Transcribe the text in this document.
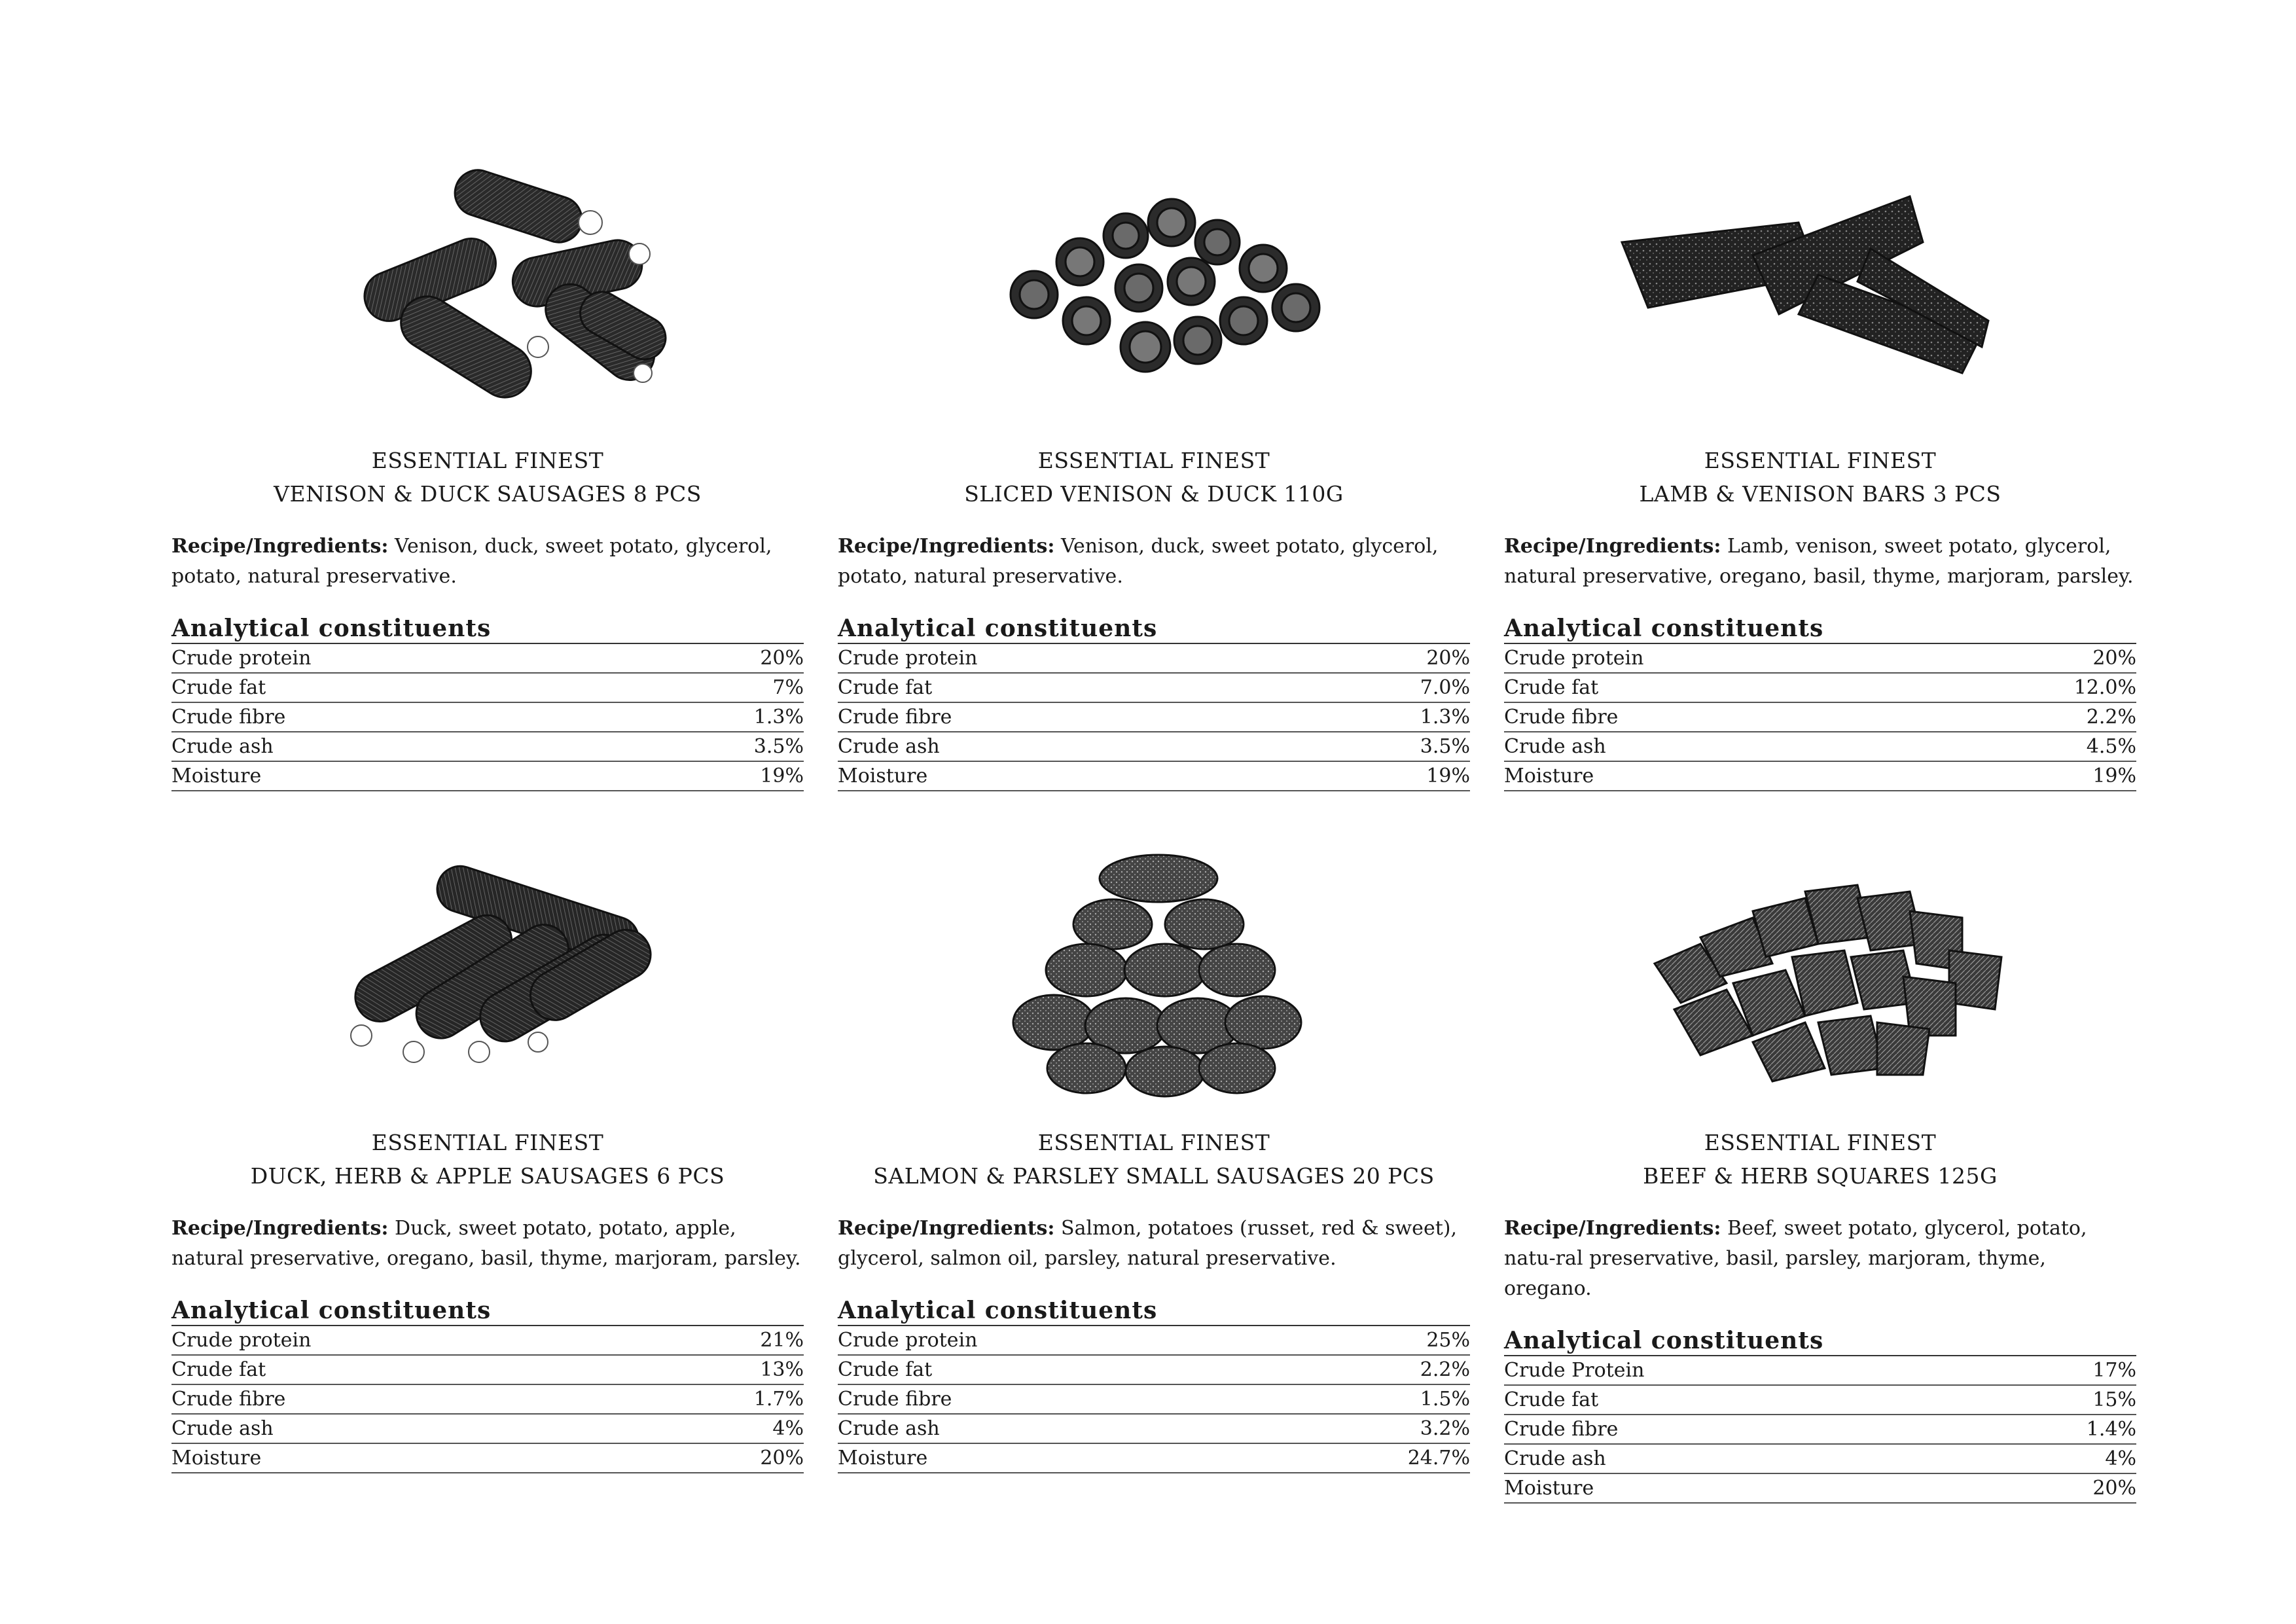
ESSENTIAL FINEST
VENISON & DUCK SAUSAGES 8 PCS
Recipe/Ingredients: Venison, duck, sweet potato, glycerol, potato, natural preservative.
Analytical constituents
Crude protein	20%
Crude fat	7%
Crude fibre	1.3%
Crude ash	3.5%
Moisture	19%
ESSENTIAL FINEST
SLICED VENISON & DUCK 110G
Recipe/Ingredients: Venison, duck, sweet potato, glycerol, potato, natural preservative.
Analytical constituents
Crude protein	20%
Crude fat	7.0%
Crude fibre	1.3%
Crude ash	3.5%
Moisture	19%
ESSENTIAL FINEST
LAMB & VENISON BARS 3 PCS
Recipe/Ingredients: Lamb, venison, sweet potato, glycerol, natural preservative, oregano, basil, thyme, marjoram, parsley.
Analytical constituents
Crude protein	20%
Crude fat	12.0%
Crude fibre	2.2%
Crude ash	4.5%
Moisture	19%
ESSENTIAL FINEST
DUCK, HERB & APPLE SAUSAGES 6 PCS
Recipe/Ingredients: Duck, sweet potato, potato, apple, natural preservative, oregano, basil, thyme, marjoram, parsley.
Analytical constituents
Crude protein	21%
Crude fat	13%
Crude fibre	1.7%
Crude ash	4%
Moisture	20%
ESSENTIAL FINEST
SALMON & PARSLEY SMALL SAUSAGES 20 PCS
Recipe/Ingredients: Salmon, potatoes (russet, red & sweet), glycerol, salmon oil, parsley, natural preservative.
Analytical constituents
Crude protein	25%
Crude fat	2.2%
Crude fibre	1.5%
Crude ash	3.2%
Moisture	24.7%
ESSENTIAL FINEST
BEEF & HERB SQUARES 125G
Recipe/Ingredients: Beef, sweet potato, glycerol, potato, natu-ral preservative, basil, parsley, marjoram, thyme, oregano.
Analytical constituents
Crude Protein	17%
Crude fat	15%
Crude fibre	1.4%
Crude ash	4%
Moisture	20%
